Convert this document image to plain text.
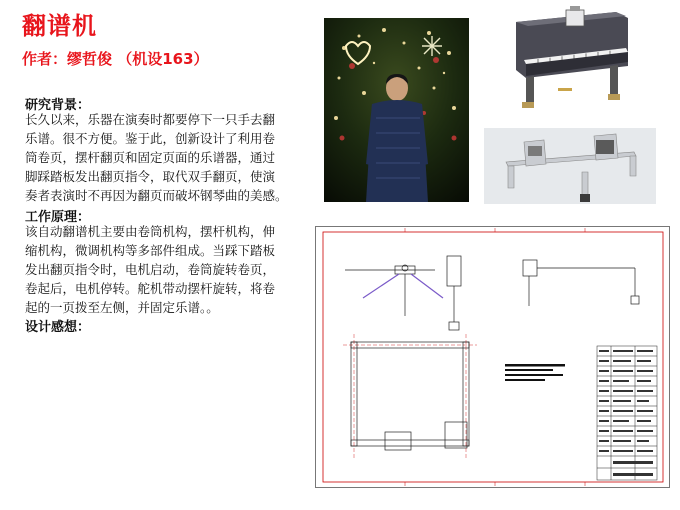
翻谱机
作者：缪哲俊 （机设163）
研究背景：
长久以来，乐器在演奏时都要停下一只手去翻
乐谱。很不方便。鉴于此，创新设计了利用卷
筒卷页，摆杆翻页和固定页面的乐谱器，通过
脚踩踏板发出翻页指令，取代双手翻页，使演
奏者表演时不再因为翻页而破坏钢琴曲的美感。
工作原理：
该自动翻谱机主要由卷筒机构，摆杆机构，伸
缩机构，微调机构等多部件组成。当踩下踏板
发出翻页指令时，电机启动，卷筒旋转卷页，
卷起后，电机停转。舵机带动摆杆旋转，将卷
起的一页拨至左侧，并固定乐谱。。
设计感想：
